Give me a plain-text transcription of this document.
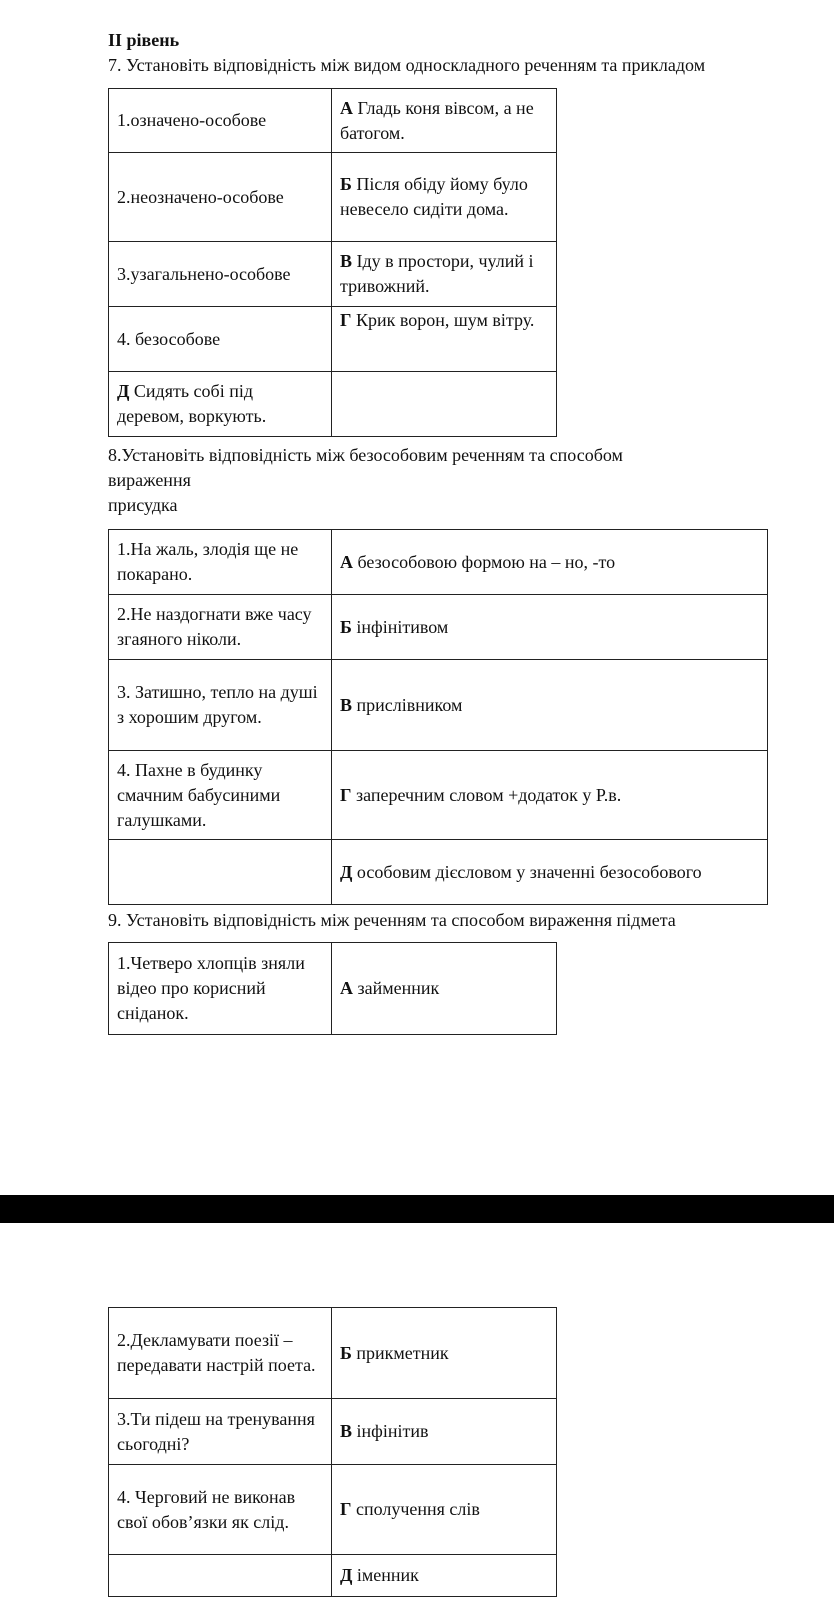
ІІ рівень
7. Установіть відповідність між видом односкладного реченням та прикладом
1.означено-особове	А Гладь коня вівсом, а не батогом.
2.неозначено-особове	Б Після обіду йому було невесело сидіти дома.
3.узагальнено-особове	В Іду в простори, чулий і тривожний.
4. безособове	Г Крик ворон, шум вітру.
Д Сидять собі під деревом, воркують.	
8.Установіть відповідність між безособовим реченням та способом
вираження
присудка
1.На жаль, злодія ще не покарано.	А безособовою формою на – но, -то
2.Не наздогнати вже часу згаяного ніколи.	Б інфінітивом
3. Затишно, тепло на душі з хорошим другом.	В прислівником
4. Пахне в будинку смачним бабусиними галушками.	Г заперечним словом +додаток у Р.в.
	Д особовим дієсловом у значенні безособового
9. Установіть відповідність між реченням та способом вираження підмета
1.Четверо хлопців зняли відео про корисний сніданок.	А займенник
2.Декламувати поезії – передавати настрій поета.	Б прикметник
3.Ти підеш на тренування сьогодні?	В інфінітив
4. Черговий не виконав свої обов’язки як слід.	Г сполучення слів
	Д іменник
